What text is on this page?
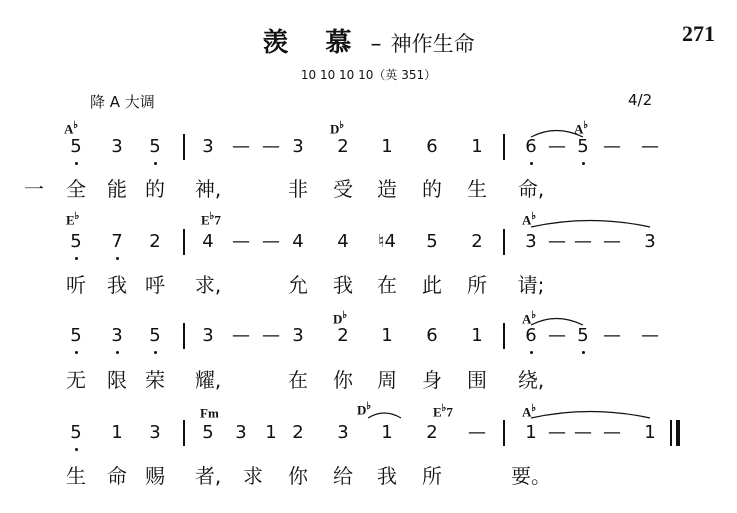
羡 慕 – 神作生命	271
10 10 10 10（英 351）
降 A 大调	4/2
A♭	D♭	A♭
E♭	E♭7	A♭
D♭	A♭
Fm	D♭	E♭7	A♭
5 3 5 3 — — 3 2 1 6 1 6 — 5 — —
一 全 能 的 神,	非 受 造 的 生 命,
5 7 2 4 — — 4 4 ♮4 5 2 3 — — — 3
听 我 呼 求,	允 我 在 此 所 请;
5 3 5 3 — — 3 2 1 6 1 6 — 5 — —
无 限 荣 耀,	在 你 周 身 围 绕,
5 1 3 5 3 1 2 3 1 2 — 1 — — — 1
生 命 赐 者, 求 你 给 我 所	要。
